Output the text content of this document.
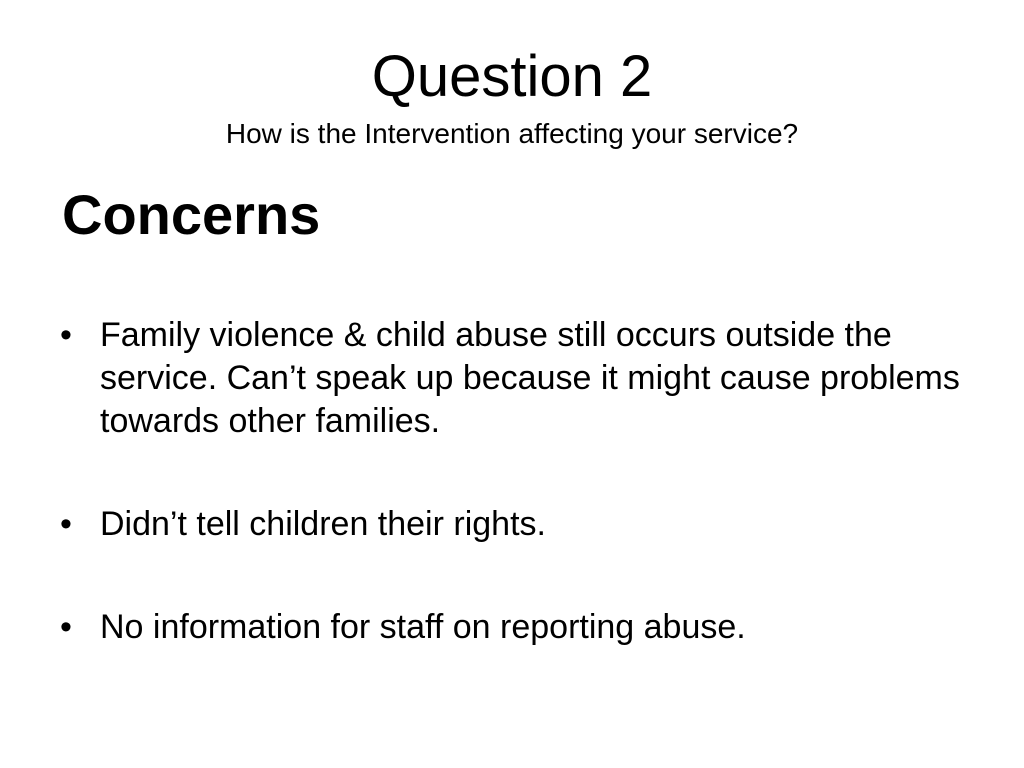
Question 2
How is the Intervention affecting your service?
Concerns
• Family violence & child abuse still occurs outside the service. Can’t speak up because it might cause problems towards other families.
• Didn’t tell children their rights.
• No information for staff on reporting abuse.
